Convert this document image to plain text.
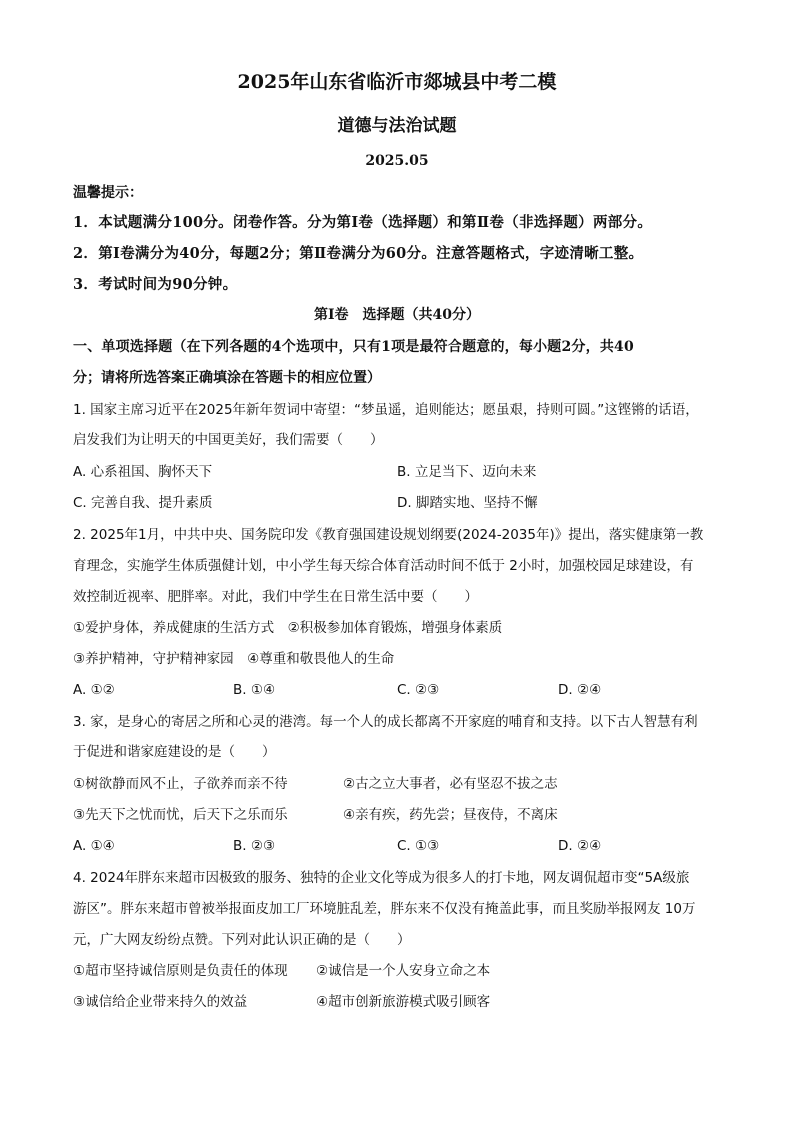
2025年山东省临沂市郯城县中考二模
道德与法治试题
2025.05
温馨提示：
1．本试题满分100分。闭卷作答。分为第Ⅰ卷（选择题）和第Ⅱ卷（非选择题）两部分。
2．第Ⅰ卷满分为40分，每题2分；第Ⅱ卷满分为60分。注意答题格式，字迹清晰工整。
3．考试时间为90分钟。
第Ⅰ卷　选择题（共40分）
一、单项选择题（在下列各题的4个选项中，只有1项是最符合题意的，每小题2分，共40
分；请将所选答案正确填涂在答题卡的相应位置）
1. 国家主席习近平在2025年新年贺词中寄望：“梦虽遥，追则能达；愿虽艰，持则可圆。”这铿锵的话语，
启发我们为让明天的中国更美好，我们需要（　　）
A. 心系祖国、胸怀天下	B. 立足当下、迈向未来
C. 完善自我、提升素质	D. 脚踏实地、坚持不懈
2. 2025年1月，中共中央、国务院印发《教育强国建设规划纲要(2024-2035年)》提出，落实健康第一教
育理念，实施学生体质强健计划，中小学生每天综合体育活动时间不低于 2小时，加强校园足球建设，有
效控制近视率、肥胖率。对此，我们中学生在日常生活中要（　　）
①爱护身体，养成健康的生活方式　②积极参加体育锻炼，增强身体素质
③养护精神，守护精神家园　④尊重和敬畏他人的生命
A. ①②	B. ①④	C. ②③	D. ②④
3. 家，是身心的寄居之所和心灵的港湾。每一个人的成长都离不开家庭的哺育和支持。以下古人智慧有利
于促进和谐家庭建设的是（　　）
①树欲静而风不止，子欲养而亲不待	②古之立大事者，必有坚忍不拔之志
③先天下之忧而忧，后天下之乐而乐	④亲有疾，药先尝；昼夜侍，不离床
A. ①④	B. ②③	C. ①③	D. ②④
4. 2024年胖东来超市因极致的服务、独特的企业文化等成为很多人的打卡地，网友调侃超市变“5A级旅
游区”。胖东来超市曾被举报面皮加工厂环境脏乱差，胖东来不仅没有掩盖此事，而且奖励举报网友 10万
元，广大网友纷纷点赞。下列对此认识正确的是（　　）
①超市坚持诚信原则是负责任的体现 ②诚信是一个人安身立命之本
③诚信给企业带来持久的效益	④超市创新旅游模式吸引顾客
